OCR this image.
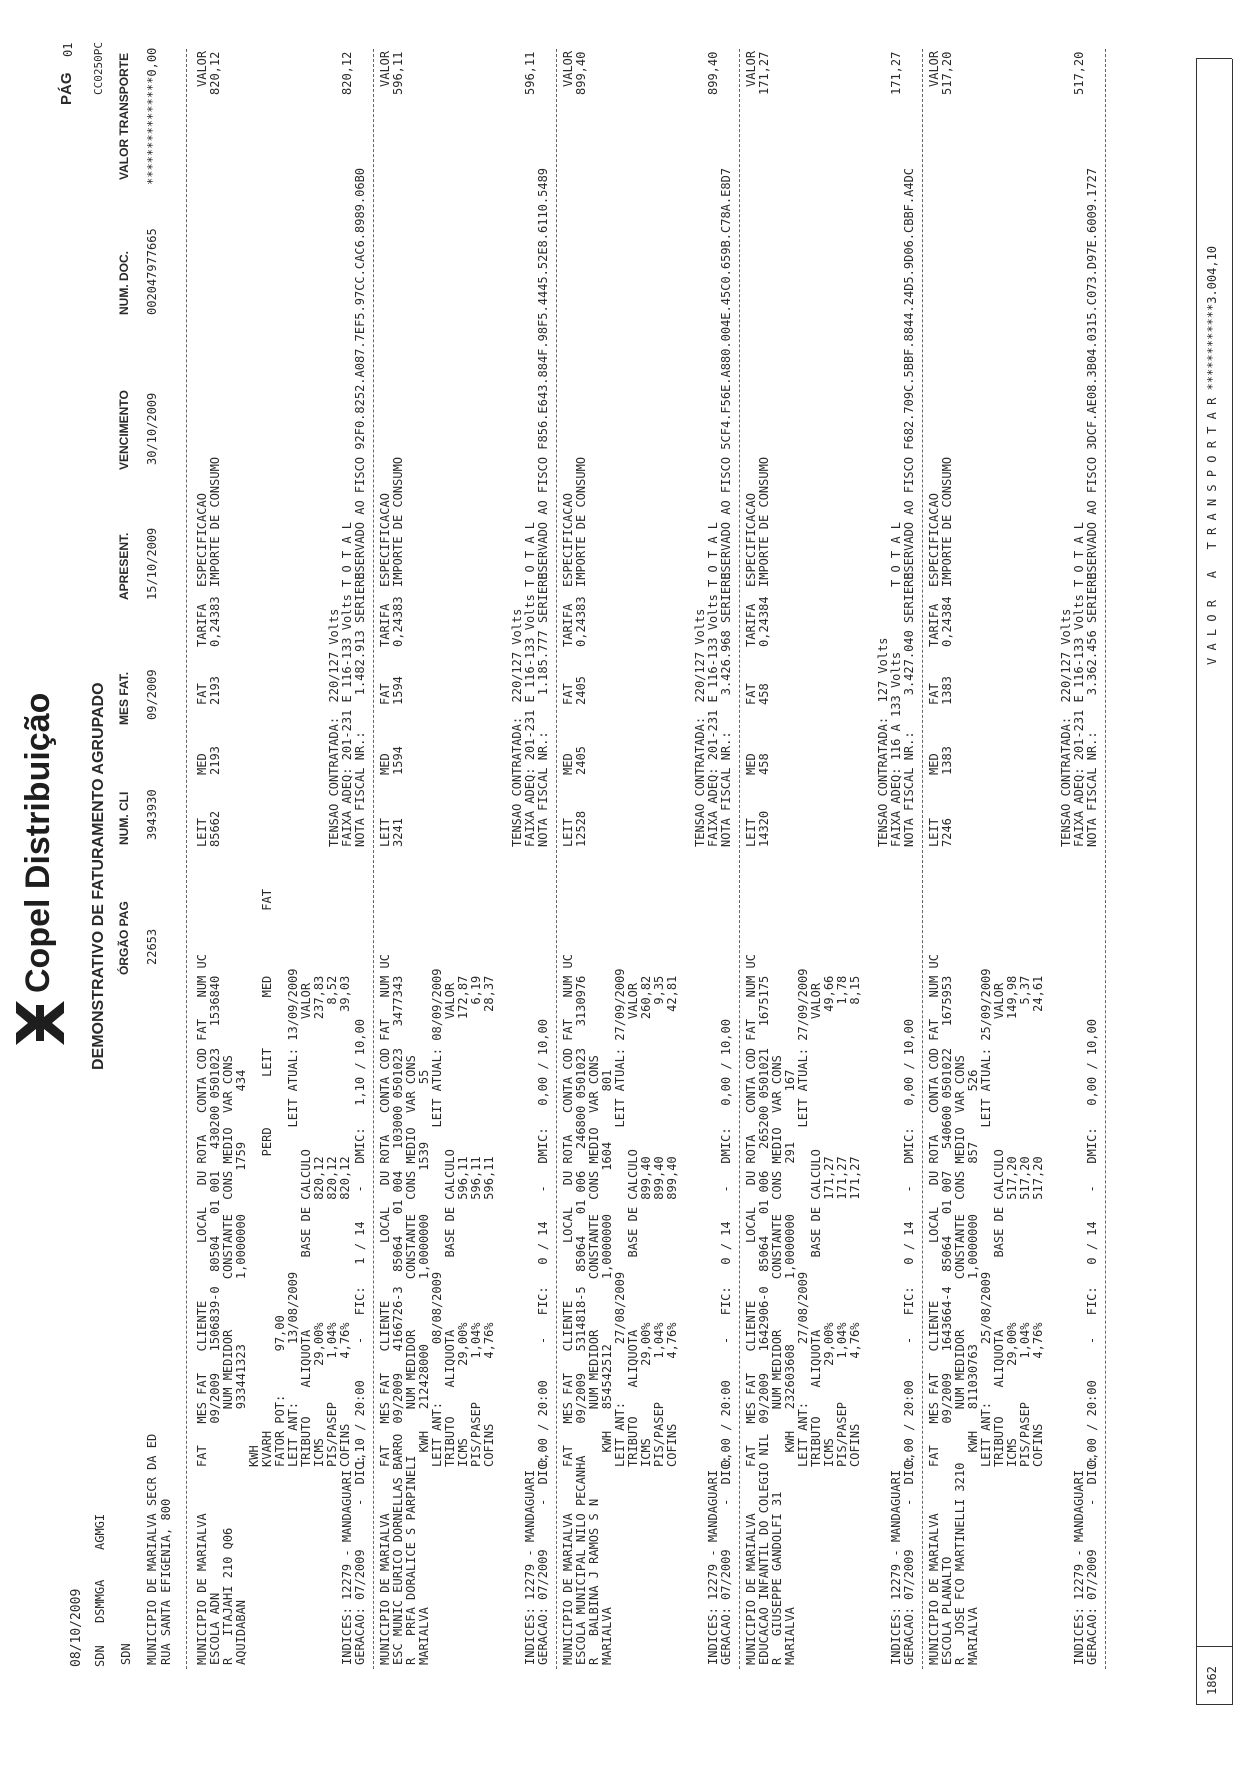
08/10/2009 SDN
DSMMGA
AGMGI
Copel Distribuição DEMONSTRATIVO DE FATURAMENTO AGRUPADO
PÁG
01 CC0250PC
SDN
ÓRGÃO PAG
NUM. CLI
MES FAT.
APRESENT.
VENCIMENTO
NUM. DOC.
VALOR TRANSPORTE
MUNICIPIO DE MARIALVA SECR DA ED RUA SANTA EFIGENIA, 800
22653
3943930
09/2009
15/10/2009
30/10/2009
002047977665
***************0,00
MUNICIPIO DE MARIALVA ESCOLA ADN R   ITAJAHI 210 Q06 AQUIDABAN
FAT   MES FAT   CLIENTE        LOCAL   DU ROTA   CONTA COD FAT   NUM UC 09/2009   1506839-0  80504   01 001   430200 0501023   1536840 NUM MEDIDOR       CONSTANTE  CONS MEDIO  VAR CONS 933441323         1,0000000      1759       434 KWH KVARH                                      PERD       LEIT       MED         FAT FATOR POT:      97,00 LEIT ANT:        13/08/2009                    LEIT ATUAL: 13/09/2009 TRIBUTO    ALIQUOTA          BASE DE CALCULO                  VALOR ICMS          29,00%                 820,12                   237,83 PIS/PASEP      1,04%                 820,12                     8,52 COFINS         4,76%                 820,12                    39,03
LEIT
MED
FAT
TARIFA
85662
2193
2193
0,24383
ESPECIFICACAO IMPORTE DE CONSUMO
VALOR 820,12
INDICES: 12279 - MANDAGUARI GERACAO: 07/2009      -  DIC:
1,10 / 20:00     -   FIC:   1 / 14    -   DMIC:   1,10 / 10,00
TENSAO CONTRATADA:  220/127 Volts FAIXA ADEQ: 201-231 E 116-133 Volts NOTA FISCAL NR.:     1.482.913 SERIE B
T O T A L
820,12
RESERVADO AO FISCO 92F0.8252.A087.7EF5.97CC.CAC6.8989.06B0
MUNICIPIO DE MARIALVA ESC MUNIC EURICO DORNELLAS BARRO R   PRFA DORALICE S PARPINELI MARIALVA
FAT   MES FAT   CLIENTE        LOCAL   DU ROTA   CONTA COD FAT   NUM UC 09/2009   4166726-3  85064   01 004   103000 0501023   3477343 NUM MEDIDOR       CONSTANTE  CONS MEDIO  VAR CONS KWH   212428000         1,0000000      1539        55 LEIT ANT:        08/08/2009                    LEIT ATUAL: 08/09/2009 TRIBUTO    ALIQUOTA          BASE DE CALCULO                  VALOR ICMS          29,00%                 596,11                   172,87 PIS/PASEP      1,04%                 596,11                     6,19 COFINS         4,76%                 596,11                    28,37
LEIT
MED
FAT
TARIFA
3241
1594
1594
0,24383
ESPECIFICACAO IMPORTE DE CONSUMO
VALOR 596,11
INDICES: 12279 - MANDAGUARI GERACAO: 07/2009      -  DIC:
0,00 / 20:00     -   FIC:   0 / 14    -   DMIC:   0,00 / 10,00
TENSAO CONTRATADA:  220/127 Volts FAIXA ADEQ: 201-231 E 116-133 Volts NOTA FISCAL NR.:     1.185.777 SERIE B
T O T A L
596,11
RESERVADO AO FISCO F856.E643.884F.98F5.4445.52E8.6110.5489
MUNICIPIO DE MARIALVA ESCOLA MUNICIPAL NILO PECANHA R   BALBINA J RAMOS S N MARIALVA
FAT   MES FAT   CLIENTE        LOCAL   DU ROTA   CONTA COD FAT   NUM UC 09/2009   5314818-5  85064   01 006   246800 0501023   3130976 NUM MEDIDOR       CONSTANTE  CONS MEDIO  VAR CONS KWH   854542512         1,0000000      1604       801 LEIT ANT:        27/08/2009                    LEIT ATUAL: 27/09/2009 TRIBUTO    ALIQUOTA          BASE DE CALCULO                  VALOR ICMS          29,00%                 899,40                   260,82 PIS/PASEP      1,04%                 899,40                     9,35 COFINS         4,76%                 899,40                    42,81
LEIT
MED
FAT
TARIFA
12528
2405
2405
0,24383
ESPECIFICACAO IMPORTE DE CONSUMO
VALOR 899,40
INDICES: 12279 - MANDAGUARI GERACAO: 07/2009      -  DIC:
0,00 / 20:00     -   FIC:   0 / 14    -   DMIC:   0,00 / 10,00
TENSAO CONTRATADA:  220/127 Volts FAIXA ADEQ: 201-231 E 116-133 Volts NOTA FISCAL NR.:     3.426.968 SERIE B
T O T A L
899,40
RESERVADO AO FISCO 5CF4.F56E.A880.004E.45C0.659B.C78A.E8D7
MUNICIPIO DE MARIALVA EDUCACAO INFANTIL DO COLEGIO NIL R   GIUSEPPE GANDOLFI 31 MARIALVA
FAT   MES FAT   CLIENTE        LOCAL   DU ROTA   CONTA COD FAT   NUM UC 09/2009   1642906-0  85064   01 006   265200 0501021   1675175 NUM MEDIDOR       CONSTANTE  CONS MEDIO  VAR CONS KWH   232603608         1,0000000       291       167 LEIT ANT:        27/08/2009                    LEIT ATUAL: 27/09/2009 TRIBUTO    ALIQUOTA          BASE DE CALCULO                  VALOR ICMS          29,00%                 171,27                    49,66 PIS/PASEP      1,04%                 171,27                     1,78 COFINS         4,76%                 171,27                     8,15
LEIT
MED
FAT
TARIFA
14320
458
458
0,24384
ESPECIFICACAO IMPORTE DE CONSUMO
VALOR 171,27
INDICES: 12279 - MANDAGUARI GERACAO: 07/2009      -  DIC:
0,00 / 20:00     -   FIC:   0 / 14    -   DMIC:   0,00 / 10,00
TENSAO CONTRATADA:  127 Volts FAIXA ADEQ: 116 A 133 Volts NOTA FISCAL NR.:     3.427.040 SERIE B
T O T A L
171,27
RESERVADO AO FISCO F682.709C.5BBF.8844.24D5.9D06.CBBF.A4DC
MUNICIPIO DE MARIALVA ESCOLA PLANALTO R   JOSE FCO MARTINELLI 3210 MARIALVA
FAT   MES FAT   CLIENTE        LOCAL   DU ROTA   CONTA COD FAT   NUM UC 09/2009   1643664-4  85064   01 007   540600 0501022   1675953 NUM MEDIDOR       CONSTANTE  CONS MEDIO  VAR CONS KWH   811030763         1,0000000       857       526 LEIT ANT:        25/08/2009                    LEIT ATUAL: 25/09/2009 TRIBUTO    ALIQUOTA          BASE DE CALCULO                  VALOR ICMS          29,00%                 517,20                   149,98 PIS/PASEP      1,04%                 517,20                     5,37 COFINS         4,76%                 517,20                    24,61
LEIT
MED
FAT
TARIFA
7246
1383
1383
0,24384
ESPECIFICACAO IMPORTE DE CONSUMO
VALOR 517,20
INDICES: 12279 - MANDAGUARI GERACAO: 07/2009      -  DIC:
0,00 / 20:00     -   FIC:   0 / 14    -   DMIC:   0,00 / 10,00
TENSAO CONTRATADA:  220/127 Volts FAIXA ADEQ: 201-231 E 116-133 Volts NOTA FISCAL NR.:     3.362.456 SERIE B
T O T A L
517,20
RESERVADO AO FISCO 3DCF.AE08.3B04.0315.C073.D97E.6009.1727
1862
V A L O R   A   T R A N S P O R T A R ************3.004,10
